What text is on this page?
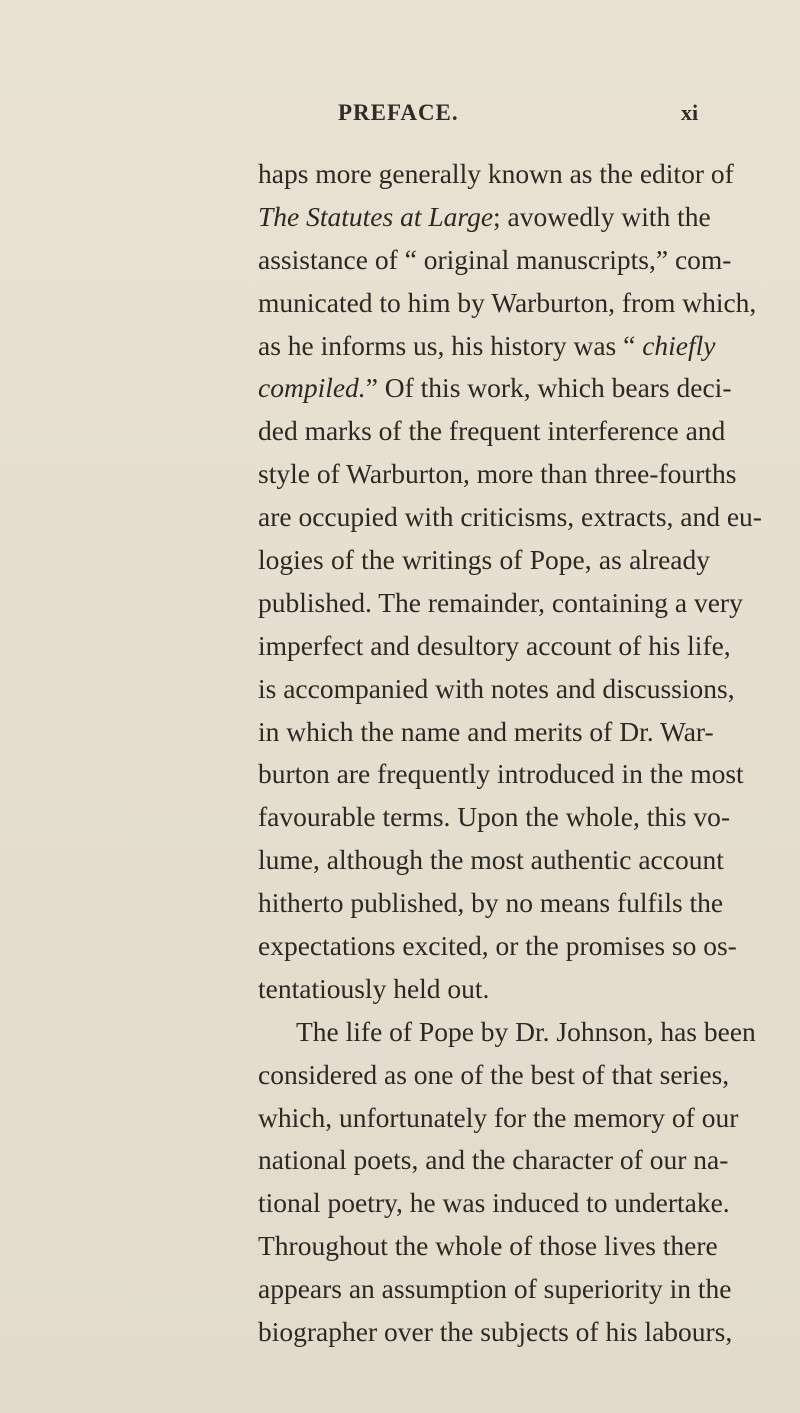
PREFACE.	xi
haps more generally known as the editor of
The Statutes at Large; avowedly with the
assistance of “ original manuscripts,” com-
municated to him by Warburton, from which,
as he informs us, his history was “ chiefly
compiled.” Of this work, which bears deci-
ded marks of the frequent interference and
style of Warburton, more than three-fourths
are occupied with criticisms, extracts, and eu-
logies of the writings of Pope, as already
published. The remainder, containing a very
imperfect and desultory account of his life,
is accompanied with notes and discussions,
in which the name and merits of Dr. War-
burton are frequently introduced in the most
favourable terms. Upon the whole, this vo-
lume, although the most authentic account
hitherto published, by no means fulfils the
expectations excited, or the promises so os-
tentatiously held out.
The life of Pope by Dr. Johnson, has been
considered as one of the best of that series,
which, unfortunately for the memory of our
national poets, and the character of our na-
tional poetry, he was induced to undertake.
Throughout the whole of those lives there
appears an assumption of superiority in the
biographer over the subjects of his labours,
